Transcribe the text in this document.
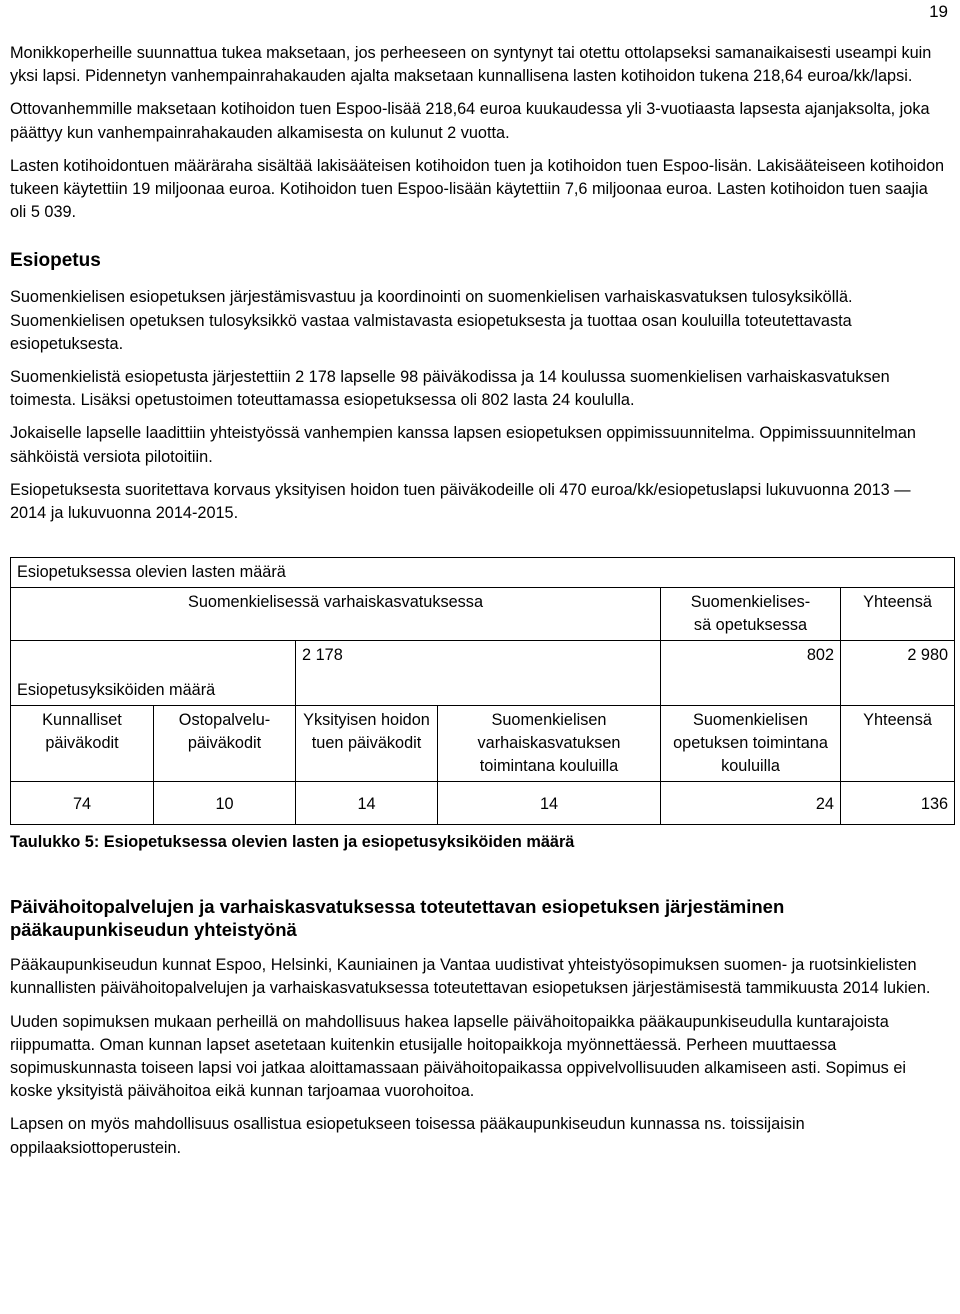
19

Monikkoperheille suunnattua tukea maksetaan, jos perheeseen on syntynyt tai otettu ottolapseksi samanaikaisesti useampi kuin yksi lapsi. Pidennetyn vanhempainrahakauden ajalta maksetaan kunnallisena lasten kotihoidon tukena 218,64 euroa/kk/lapsi.

Ottovanhemmille maksetaan kotihoidon tuen Espoo-lisää 218,64 euroa kuukaudessa yli 3-vuotiaasta lapsesta ajanjaksolta, joka päättyy kun vanhempainrahakauden alkamisesta on kulunut 2 vuotta.

Lasten kotihoidontuen määräraha sisältää lakisääteisen kotihoidon tuen ja kotihoidon tuen Espoo-lisän. Lakisääteiseen kotihoidon tukeen käytettiin 19 miljoonaa euroa. Kotihoidon tuen Espoo-lisään käytettiin 7,6 miljoonaa euroa. Lasten kotihoidon tuen saajia oli 5 039.

Esiopetus

Suomenkielisen esiopetuksen järjestämisvastuu ja koordinointi on suomenkielisen varhaiskasvatuksen tulosyksiköllä. Suomenkielisen opetuksen tulosyksikkö vastaa valmistavasta esiopetuksesta ja tuottaa osan kouluilla toteutettavasta esiopetuksesta.

Suomenkielistä esiopetusta järjestettiin 2 178 lapselle 98 päiväkodissa ja 14 koulussa suomenkielisen varhaiskasvatuksen toimesta. Lisäksi opetustoimen toteuttamassa esiopetuksessa oli 802 lasta 24 koululla.

Jokaiselle lapselle laadittiin yhteistyössä vanhempien kanssa lapsen esiopetuksen oppimissuunnitelma. Oppimissuunnitelman sähköistä versiota pilotoitiin.

Esiopetuksesta suoritettava korvaus yksityisen hoidon tuen päiväkodeille oli 470 euroa/kk/esiopetuslapsi lukuvuonna 2013 — 2014 ja lukuvuonna 2014-2015.

Esiopetuksessa olevien lasten määrä					
Suomenkielisessä varhaiskasvatuksessa				Suomenkielises-
sä opetuksessa	Yhteensä
Esiopetusyksiköiden määrä		2 178		802	2 980
Kunnalliset päiväkodit	Ostopalvelu-päiväkodit	Yksityisen hoidon tuen päiväkodit	Suomenkielisen varhaiskasvatuksen toimintana kouluilla	Suomenkielisen opetuksen toimintana kouluilla	Yhteensä
74	10	14	14	24	136
Taulukko 5: Esiopetuksessa olevien lasten ja esiopetusyksiköiden määrä
Päivähoitopalvelujen ja varhaiskasvatuksessa toteutettavan esiopetuksen järjestäminen pääkaupunkiseudun yhteistyönä

Pääkaupunkiseudun kunnat Espoo, Helsinki, Kauniainen ja Vantaa uudistivat yhteistyösopimuksen suomen- ja ruotsinkielisten kunnallisten päivähoitopalvelujen ja varhaiskasvatuksessa toteutettavan esiopetuksen järjestämisestä tammikuusta 2014 lukien.

Uuden sopimuksen mukaan perheillä on mahdollisuus hakea lapselle päivähoitopaikka pääkaupunkiseudulla kuntarajoista riippumatta. Oman kunnan lapset asetetaan kuitenkin etusijalle hoitopaikkoja myönnettäessä. Perheen muuttaessa sopimuskunnasta toiseen lapsi voi jatkaa aloittamassaan päivähoitopaikassa oppivelvollisuuden alkamiseen asti. Sopimus ei koske yksityistä päivähoitoa eikä kunnan tarjoamaa vuorohoitoa.

Lapsen on myös mahdollisuus osallistua esiopetukseen toisessa pääkaupunkiseudun kunnassa ns. toissijaisin oppilaaksiottoperustein.
